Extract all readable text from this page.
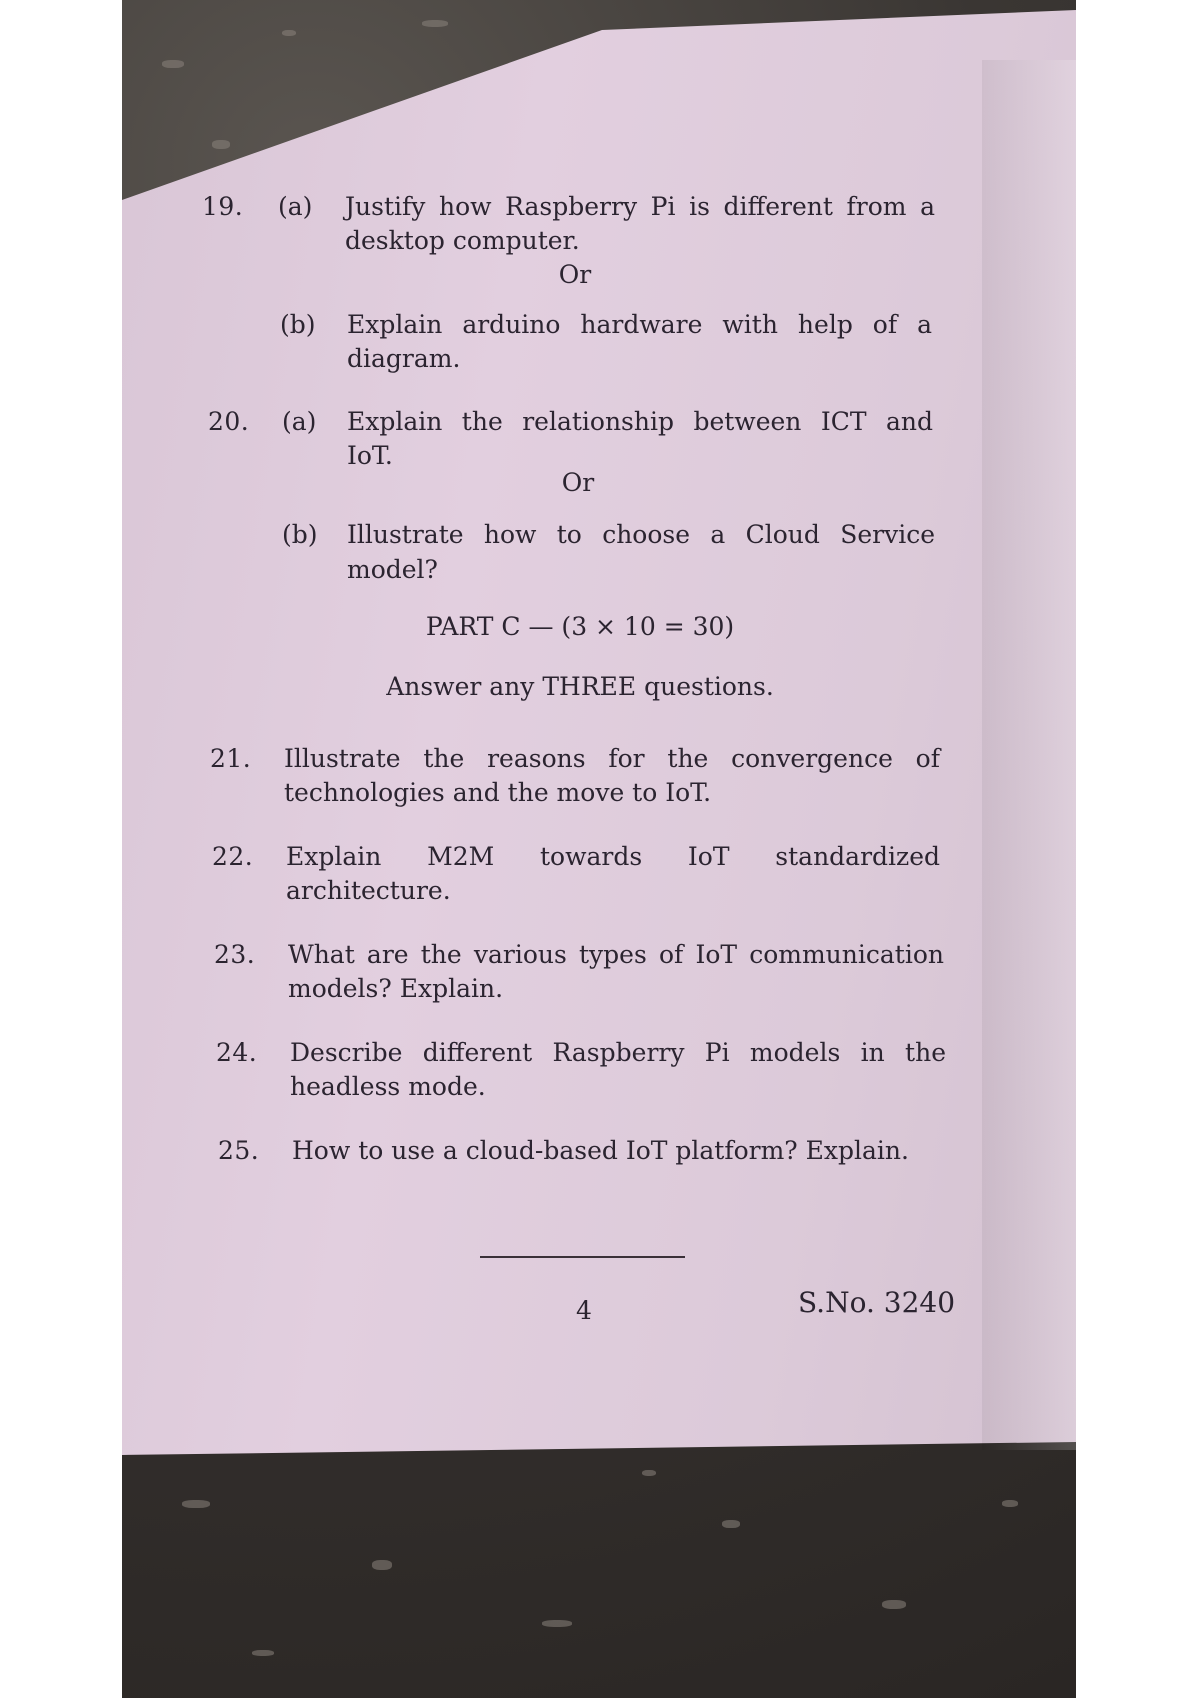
19. (a) Justify how Raspberry Pi is different from a
desktop computer.
Or
(b) Explain arduino hardware with help of a
diagram.
20. (a) Explain the relationship between ICT and
IoT.
Or
(b) Illustrate how to choose a Cloud Service
model?
PART C — (3 × 10 = 30)
Answer any THREE questions.
21. Illustrate the reasons for the convergence of
technologies and the move to IoT.
22. Explain M2M towards IoT standardized
architecture.
23. What are the various types of IoT communication
models? Explain.
24. Describe different Raspberry Pi models in the
headless mode.
25. How to use a cloud-based IoT platform? Explain.
4	S.No. 3240
